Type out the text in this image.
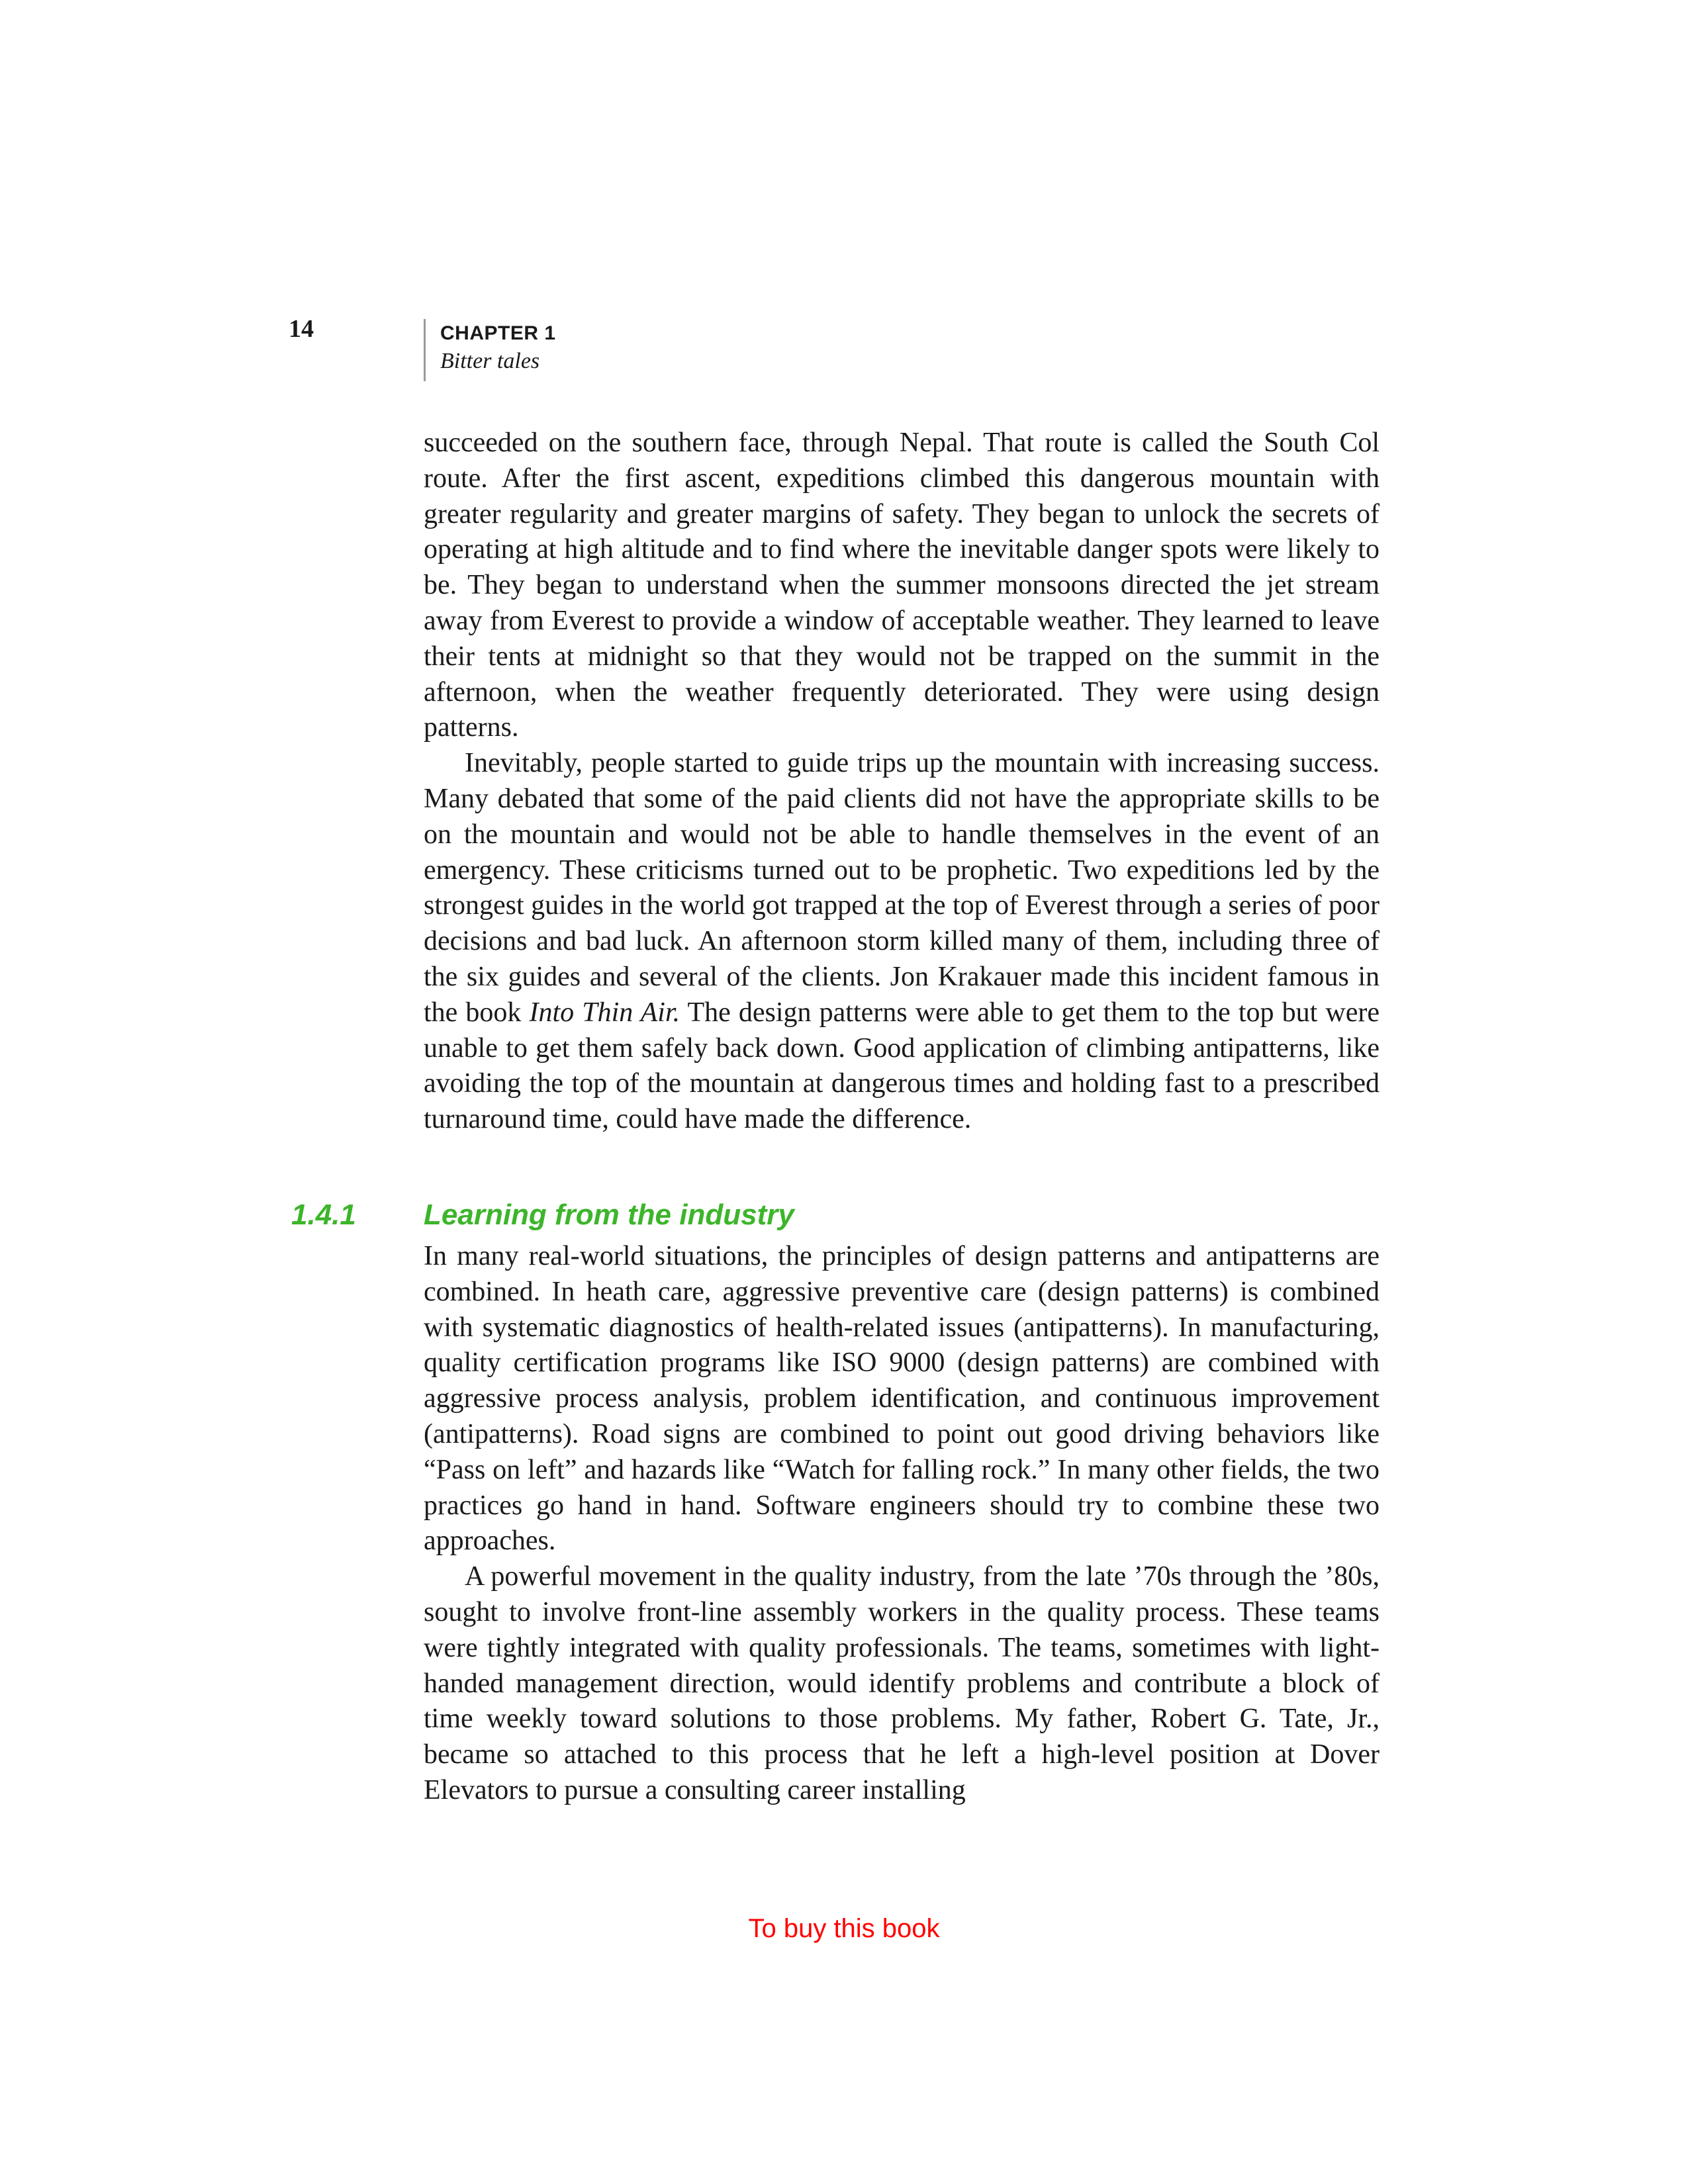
14	CHAPTER 1
Bitter tales

succeeded on the southern face, through Nepal. That route is called the South Col route. After the first ascent, expeditions climbed this dangerous mountain with greater regularity and greater margins of safety. They began to unlock the secrets of operating at high altitude and to find where the inevitable danger spots were likely to be. They began to understand when the summer monsoons directed the jet stream away from Everest to provide a window of acceptable weather. They learned to leave their tents at midnight so that they would not be trapped on the summit in the afternoon, when the weather frequently deteriorated. They were using design patterns.

Inevitably, people started to guide trips up the mountain with increasing success. Many debated that some of the paid clients did not have the appropriate skills to be on the mountain and would not be able to handle themselves in the event of an emergency. These criticisms turned out to be prophetic. Two expeditions led by the strongest guides in the world got trapped at the top of Everest through a series of poor decisions and bad luck. An afternoon storm killed many of them, including three of the six guides and several of the clients. Jon Krakauer made this incident famous in the book Into Thin Air. The design patterns were able to get them to the top but were unable to get them safely back down. Good application of climbing antipatterns, like avoiding the top of the mountain at dangerous times and holding fast to a prescribed turnaround time, could have made the difference.

1.4.1 Learning from the industry

In many real-world situations, the principles of design patterns and antipatterns are combined. In heath care, aggressive preventive care (design patterns) is combined with systematic diagnostics of health-related issues (antipatterns). In manufacturing, quality certification programs like ISO 9000 (design patterns) are combined with aggressive process analysis, problem identification, and continuous improvement (antipatterns). Road signs are combined to point out good driving behaviors like “Pass on left” and hazards like “Watch for falling rock.” In many other fields, the two practices go hand in hand. Software engineers should try to combine these two approaches.

A powerful movement in the quality industry, from the late ’70s through the ’80s, sought to involve front-line assembly workers in the quality process. These teams were tightly integrated with quality professionals. The teams, sometimes with light-handed management direction, would identify problems and contribute a block of time weekly toward solutions to those problems. My father, Robert G. Tate, Jr., became so attached to this process that he left a high-level position at Dover Elevators to pursue a consulting career installing

To buy this book
